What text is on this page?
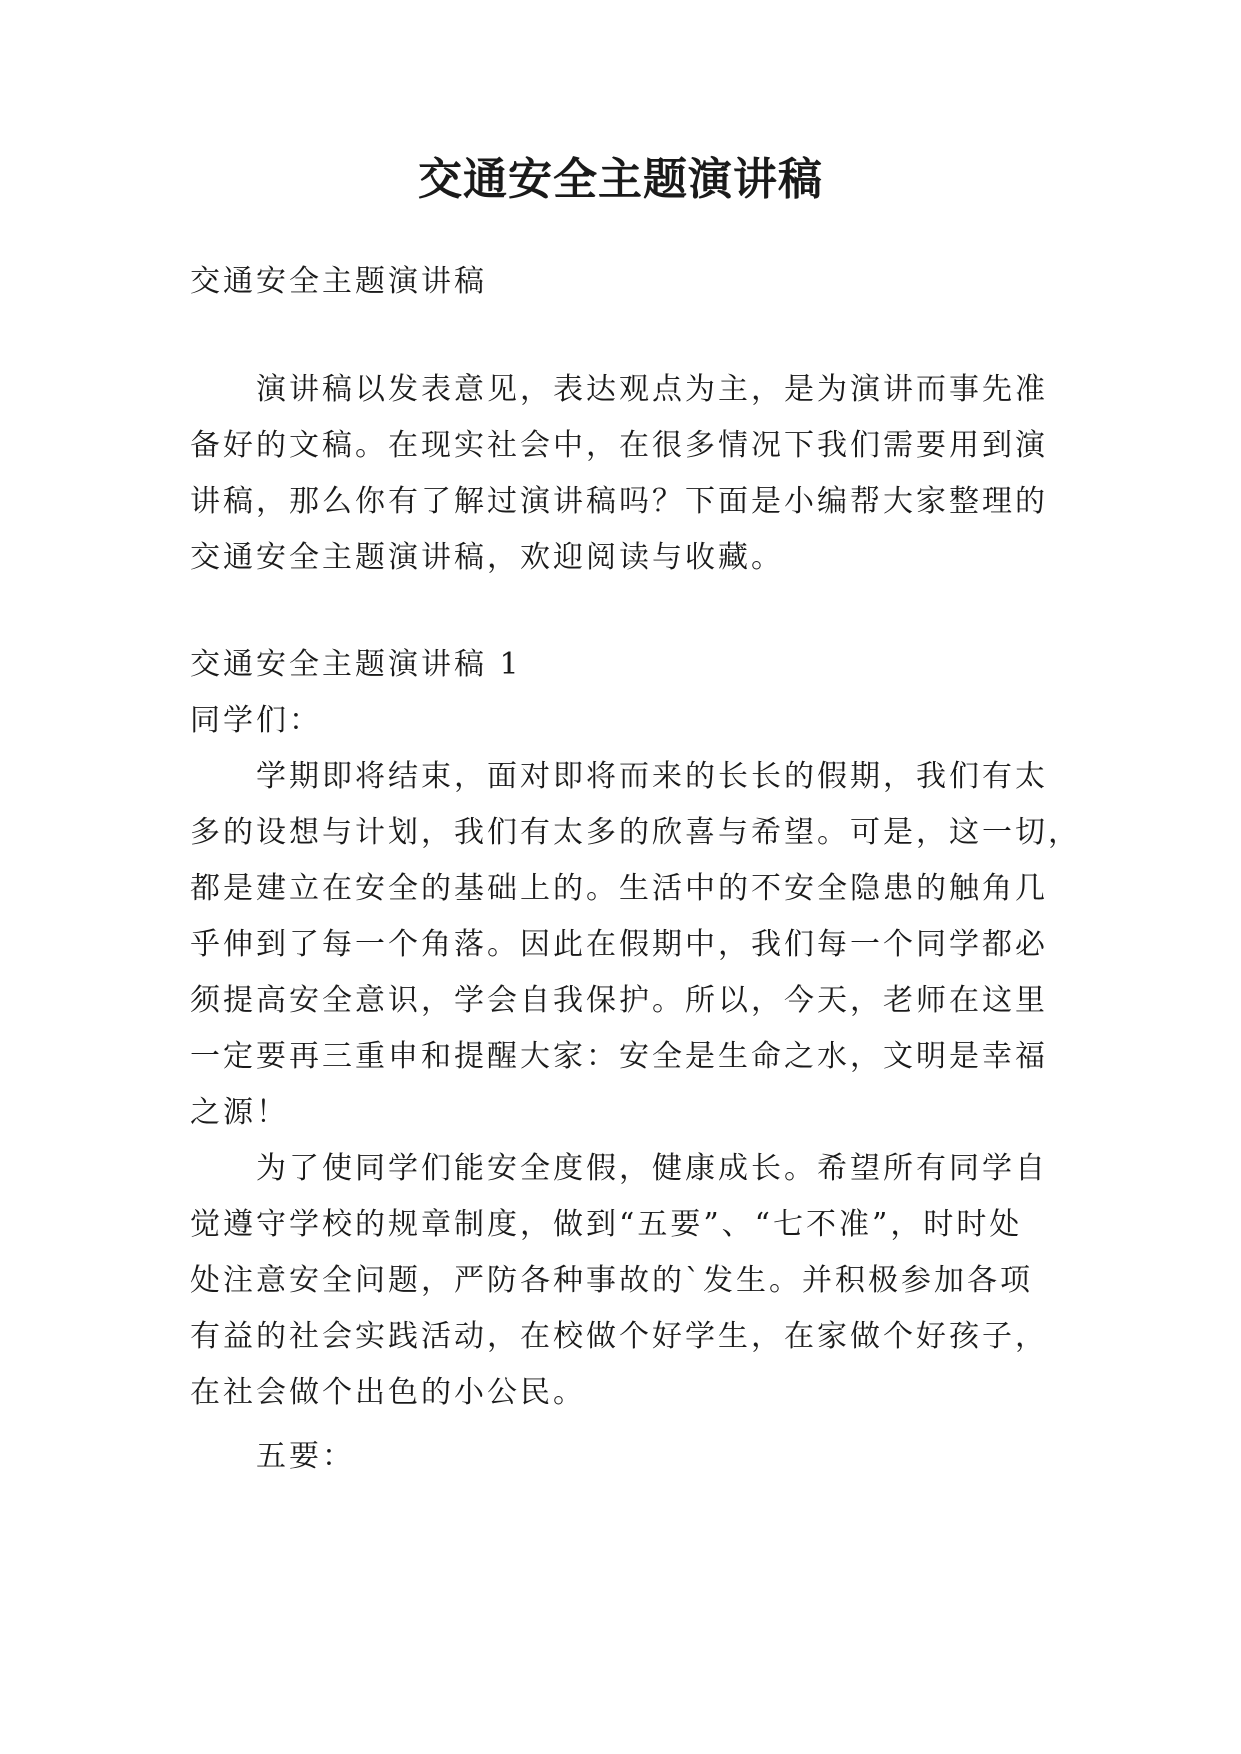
交通安全主题演讲稿
交通安全主题演讲稿
演讲稿以发表意见，表达观点为主，是为演讲而事先准
备好的文稿。在现实社会中，在很多情况下我们需要用到演
讲稿，那么你有了解过演讲稿吗？下面是小编帮大家整理的
交通安全主题演讲稿，欢迎阅读与收藏。
交通安全主题演讲稿 1
同学们：
学期即将结束，面对即将而来的长长的假期，我们有太
多的设想与计划，我们有太多的欣喜与希望。可是，这一切，
都是建立在安全的基础上的。生活中的不安全隐患的触角几
乎伸到了每一个角落。因此在假期中，我们每一个同学都必
须提高安全意识，学会自我保护。所以，今天，老师在这里
一定要再三重申和提醒大家：安全是生命之水，文明是幸福
之源！
为了使同学们能安全度假，健康成长。希望所有同学自
觉遵守学校的规章制度，做到“五要”、“七不准”，时时处
处注意安全问题，严防各种事故的`发生。并积极参加各项
有益的社会实践活动，在校做个好学生，在家做个好孩子，
在社会做个出色的小公民。
五要：
